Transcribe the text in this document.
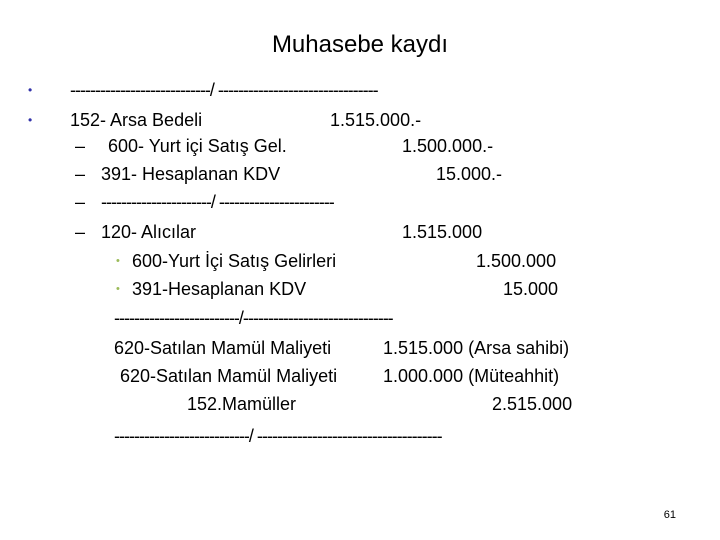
Muhasebe kaydı
• ----------------------------/ --------------------------------
• 152- Arsa Bedeli	1.515.000.-
– 600- Yurt içi Satış Gel.	1.500.000.-
– 391- Hesaplanan KDV	15.000.-
– ----------------------/ -----------------------
– 120- Alıcılar	1.515.000
• 600-Yurt İçi Satış Gelirleri	1.500.000
• 391-Hesaplanan KDV	15.000
-------------------------/------------------------------
620-Satılan Mamül Maliyeti	1.515.000 (Arsa sahibi)
620-Satılan Mamül Maliyeti	1.000.000 (Müteahhit)
152.Mamüller	2.515.000
---------------------------/ -------------------------------------
61
